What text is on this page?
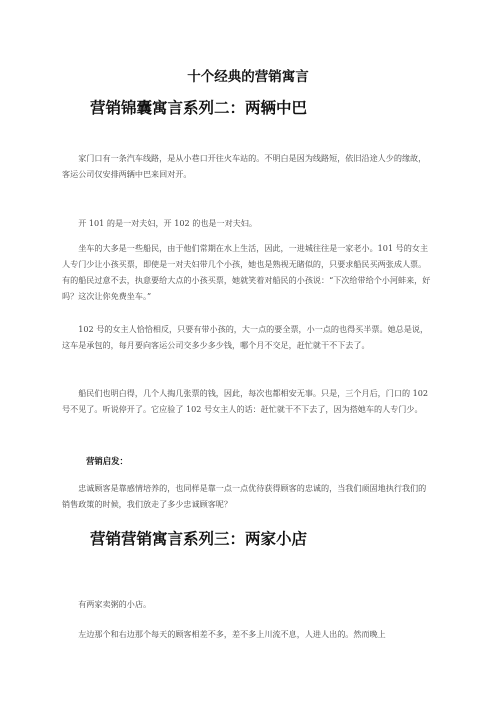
十个经典的营销寓言
营销锦囊寓言系列二：两辆中巴

家门口有一条汽车线路，是从小巷口开往火车站的。不明白是因为线路短，依旧沿途人少的缘故，客运公司仅安排两辆中巴来回对开。

开 101 的是一对夫妇，开 102 的也是一对夫妇。

坐车的大多是一些船民，由于他们常期在水上生活，因此，一进城往往是一家老小。101 号的女主人专门少让小孩买票，即使是一对夫妇带几个小孩，她也是熟视无睹似的，只要求船民买两张成人票。有的船民过意不去，执意要给大点的小孩买票，她就笑着对船民的小孩说：“下次给带给个小河蚌来，好吗？这次让你免费坐车。”

102 号的女主人恰恰相反，只要有带小孩的，大一点的要全票，小一点的也得买半票。她总是说，这车是承包的，每月要向客运公司交多少多少钱，哪个月不交足，赶忙就干不下去了。

船民们也明白得，几个人掏几张票的钱，因此，每次也都相安无事。只是，三个月后，门口的 102 号不见了。听说停开了。它应验了 102 号女主人的话：赶忙就干不下去了，因为搭她车的人专门少。

营销启发：

忠诚顾客是靠感情培养的，也同样是靠一点一点优待获得顾客的忠诚的，当我们顽固地执行我们的销售政策的时候，我们放走了多少忠诚顾客呢？

营销营销寓言系列三：两家小店

有两家卖粥的小店。

左边那个和右边那个每天的顾客相差不多，差不多上川流不息，人进人出的。然而晚上
